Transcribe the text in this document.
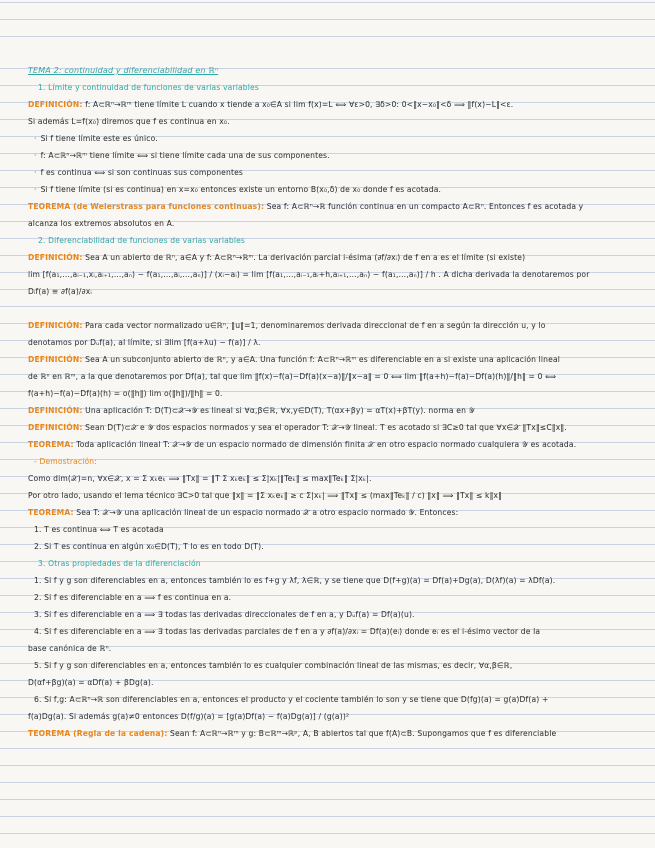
TEMA 2: continuidad y diferenciabilidad en ℝⁿ
1. Límite y continuidad de funciones de varias variables
DEFINICIÓN: f: A⊂ℝⁿ→ℝᵐ tiene límite L cuando x tiende a x₀∈A si lim f(x)=L ⟺ ∀ε>0, ∃δ>0: 0<‖x−x₀‖<δ ⟹ ‖f(x)−L‖<ε.
Si además L=f(x₀) diremos que f es continua en x₀.
· Si f tiene límite este es único.
· f: A⊂ℝⁿ→ℝᵐ tiene límite ⟺ si tiene límite cada una de sus componentes.
· f es continua ⟺ si son continuas sus componentes
· Si f tiene límite (si es continua) en x=x₀ entonces existe un entorno B(x₀,δ) de x₀ donde f es acotada.
TEOREMA (de Weierstrass para funciones continuas): Sea f: A⊂ℝⁿ→ℝ función continua en un compacto A⊂ℝⁿ. Entonces f es acotada y
alcanza los extremos absolutos en A.
2. Diferenciabilidad de funciones de varias variables
DEFINICIÓN: Sea A un abierto de ℝⁿ, a∈A y f: A⊂ℝⁿ→ℝᵐ. La derivación parcial i-ésima (∂f/∂xᵢ) de f en a es el límite (si existe)
lim [f(a₁,…,aᵢ₋₁,xᵢ,aᵢ₊₁,…,aₙ) − f(a₁,…,aᵢ,…,aₙ)] / (xᵢ−aᵢ) = lim [f(a₁,…,aᵢ₋₁,aᵢ+h,aᵢ₊₁,…,aₙ) − f(a₁,…,aₙ)] / h . A dicha derivada la denotaremos por
Dᵢf(a) ≡ ∂f(a)/∂xᵢ
DEFINICIÓN: Para cada vector normalizado u∈ℝⁿ, ‖u‖=1, denominaremos derivada direccional de f en a según la dirección u, y lo
denotamos por Dᵤf(a), al límite, si ∃lim [f(a+λu) − f(a)] / λ.
DEFINICIÓN: Sea A un subconjunto abierto de ℝⁿ, y a∈A. Una función f: A⊂ℝⁿ→ℝᵐ es diferenciable en a si existe una aplicación lineal
de ℝⁿ en ℝᵐ, a la que denotaremos por Df(a), tal que lim ‖f(x)−f(a)−Df(a)(x−a)‖/‖x−a‖ = 0 ⟺ lim ‖f(a+h)−f(a)−Df(a)(h)‖/‖h‖ = 0 ⟺
f(a+h)−f(a)−Df(a)(h) = o(‖h‖) lim o(‖h‖)/‖h‖ = 0.
DEFINICIÓN: Una aplicación T: D(T)⊂𝒳→𝒴 es lineal si ∀α,β∈ℝ, ∀x,y∈D(T), T(αx+βy) = αT(x)+βT(y). norma en 𝒴
DEFINICIÓN: Sean D(T)⊂𝒳 e 𝒴 dos espacios normados y sea el operador T: 𝒳→𝒴 lineal. T es acotado si ∃C≥0 tal que ∀x∈𝒳 ‖Tx‖≤C‖x‖.
TEOREMA: Toda aplicación lineal T: 𝒳→𝒴 de un espacio normado de dimensión finita 𝒳 en otro espacio normado cualquiera 𝒴 es acotada.
- Demostración:
Como dim(𝒳)=n, ∀x∈𝒳, x = Σ xₖeₖ ⟹ ‖Tx‖ = ‖T Σ xₖeₖ‖ ≤ Σ|xₖ|‖Teₖ‖ ≤ max‖Teₖ‖ Σ|xₖ|.
Por otro lado, usando el lema técnico ∃C>0 tal que ‖x‖ = ‖Σ xₖeₖ‖ ≥ c Σ|xₖ| ⟹ ‖Tx‖ ≤ (max‖Teₖ‖ / c) ‖x‖ ⟹ ‖Tx‖ ≤ k‖x‖
TEOREMA: Sea T: 𝒳→𝒴 una aplicación lineal de un espacio normado 𝒳 a otro espacio normado 𝒴. Entonces:
1. T es continua ⟺ T es acotada
2. Si T es continua en algún x₀∈D(T), T lo es en todo D(T).
3. Otras propiedades de la diferenciación
1. Si f y g son diferenciables en a, entonces también lo es f+g y λf, λ∈ℝ, y se tiene que D(f+g)(a) = Df(a)+Dg(a), D(λf)(a) = λDf(a).
2. Si f es diferenciable en a ⟹ f es continua en a.
3. Si f es diferenciable en a ⟹ ∃ todas las derivadas direccionales de f en a, y Dᵤf(a) = Df(a)(u).
4. Si f es diferenciable en a ⟹ ∃ todas las derivadas parciales de f en a y ∂f(a)/∂xᵢ = Df(a)(eᵢ) donde eᵢ es el i-ésimo vector de la
base canónica de ℝⁿ.
5. Si f y g son diferenciables en a, entonces también lo es cualquier combinación lineal de las mismas, es decir, ∀α,β∈ℝ,
D(αf+βg)(a) = αDf(a) + βDg(a).
6. Si f,g: A⊂ℝⁿ→ℝ son diferenciables en a, entonces el producto y el cociente también lo son y se tiene que D(fg)(a) = g(a)Df(a) +
f(a)Dg(a). Si además g(a)≠0 entonces D(f/g)(a) = [g(a)Df(a) − f(a)Dg(a)] / (g(a))²
TEOREMA (Regla de la cadena): Sean f: A⊂ℝⁿ→ℝᵐ y g: B⊂ℝᵐ→ℝᵖ, A, B abiertos tal que f(A)⊂B. Supongamos que f es diferenciable
